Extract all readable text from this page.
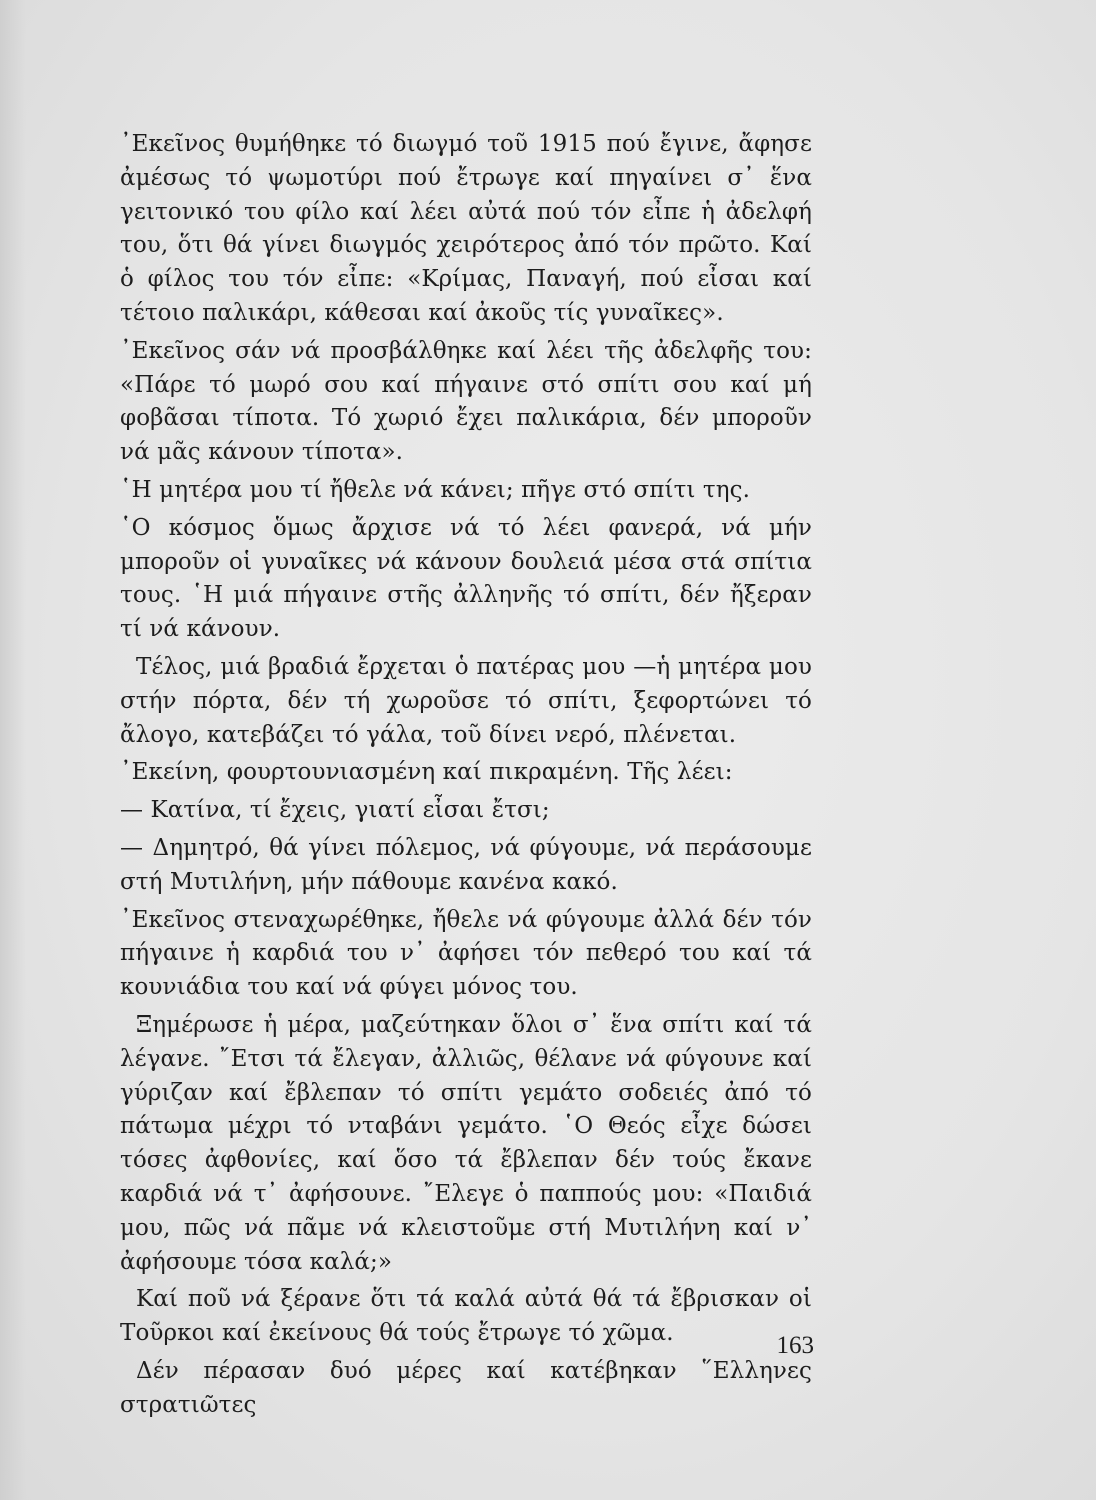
᾿Εκεῖνος θυμήθηκε τό διωγμό τοῦ 1915 πού ἔγινε, ἄφησε ἀμέσως τό ψωμοτύρι πού ἔτρωγε καί πηγαίνει σ᾿ ἕνα γειτονικό του φίλο καί λέει αὐτά πού τόν εἶπε ἡ ἀδελφή του, ὅτι θά γίνει διωγμός χειρότερος ἀπό τόν πρῶτο. Καί ὁ φίλος του τόν εἶπε: «Κρίμας, Παναγή, πού εἶσαι καί τέτοιο παλικάρι, κάθεσαι καί ἀκοῦς τίς γυναῖκες».

᾿Εκεῖνος σάν νά προσβάλθηκε καί λέει τῆς ἀδελφῆς του: «Πάρε τό μωρό σου καί πήγαινε στό σπίτι σου καί μή φοβᾶσαι τίποτα. Τό χωριό ἔχει παλικάρια, δέν μποροῦν νά μᾶς κάνουν τίποτα».

῾Η μητέρα μου τί ἤθελε νά κάνει; πῆγε στό σπίτι της.

῾Ο κόσμος ὅμως ἄρχισε νά τό λέει φανερά, νά μήν μποροῦν οἱ γυναῖκες νά κάνουν δουλειά μέσα στά σπίτια τους. ῾Η μιά πήγαινε στῆς ἀλληνῆς τό σπίτι, δέν ἤξεραν τί νά κάνουν.

Τέλος, μιά βραδιά ἔρχεται ὁ πατέρας μου —ἡ μητέρα μου στήν πόρτα, δέν τή χωροῦσε τό σπίτι, ξεφορτώνει τό ἄλογο, κατεβάζει τό γάλα, τοῦ δίνει νερό, πλένεται.

᾿Εκείνη, φουρτουνιασμένη καί πικραμένη. Τῆς λέει:

— Κατίνα, τί ἔχεις, γιατί εἶσαι ἔτσι;

— Δημητρό, θά γίνει πόλεμος, νά φύγουμε, νά περάσουμε στή Μυτιλήνη, μήν πάθουμε κανένα κακό.

᾿Εκεῖνος στεναχωρέθηκε, ἤθελε νά φύγουμε ἀλλά δέν τόν πήγαινε ἡ καρδιά του ν᾿ ἀφήσει τόν πεθερό του καί τά κουνιάδια του καί νά φύγει μόνος του.

Ξημέρωσε ἡ μέρα, μαζεύτηκαν ὅλοι σ᾿ ἕνα σπίτι καί τά λέγανε. ῎Ετσι τά ἔλεγαν, ἀλλιῶς, θέλανε νά φύγουνε καί γύριζαν καί ἔβλεπαν τό σπίτι γεμάτο σοδειές ἀπό τό πάτωμα μέχρι τό νταβάνι γεμάτο. ῾Ο Θεός εἶχε δώσει τόσες ἀφθονίες, καί ὅσο τά ἔβλεπαν δέν τούς ἔκανε καρδιά νά τ᾿ ἀφήσουνε. ῎Ελεγε ὁ παππούς μου: «Παιδιά μου, πῶς νά πᾶμε νά κλειστοῦμε στή Μυτιλήνη καί ν᾿ ἀφήσουμε τόσα καλά;»

Καί ποῦ νά ξέρανε ὅτι τά καλά αὐτά θά τά ἔβρισκαν οἱ Τοῦρκοι καί ἐκείνους θά τούς ἔτρωγε τό χῶμα.

Δέν πέρασαν δυό μέρες καί κατέβηκαν ῞Ελληνες στρατιῶτες

163
